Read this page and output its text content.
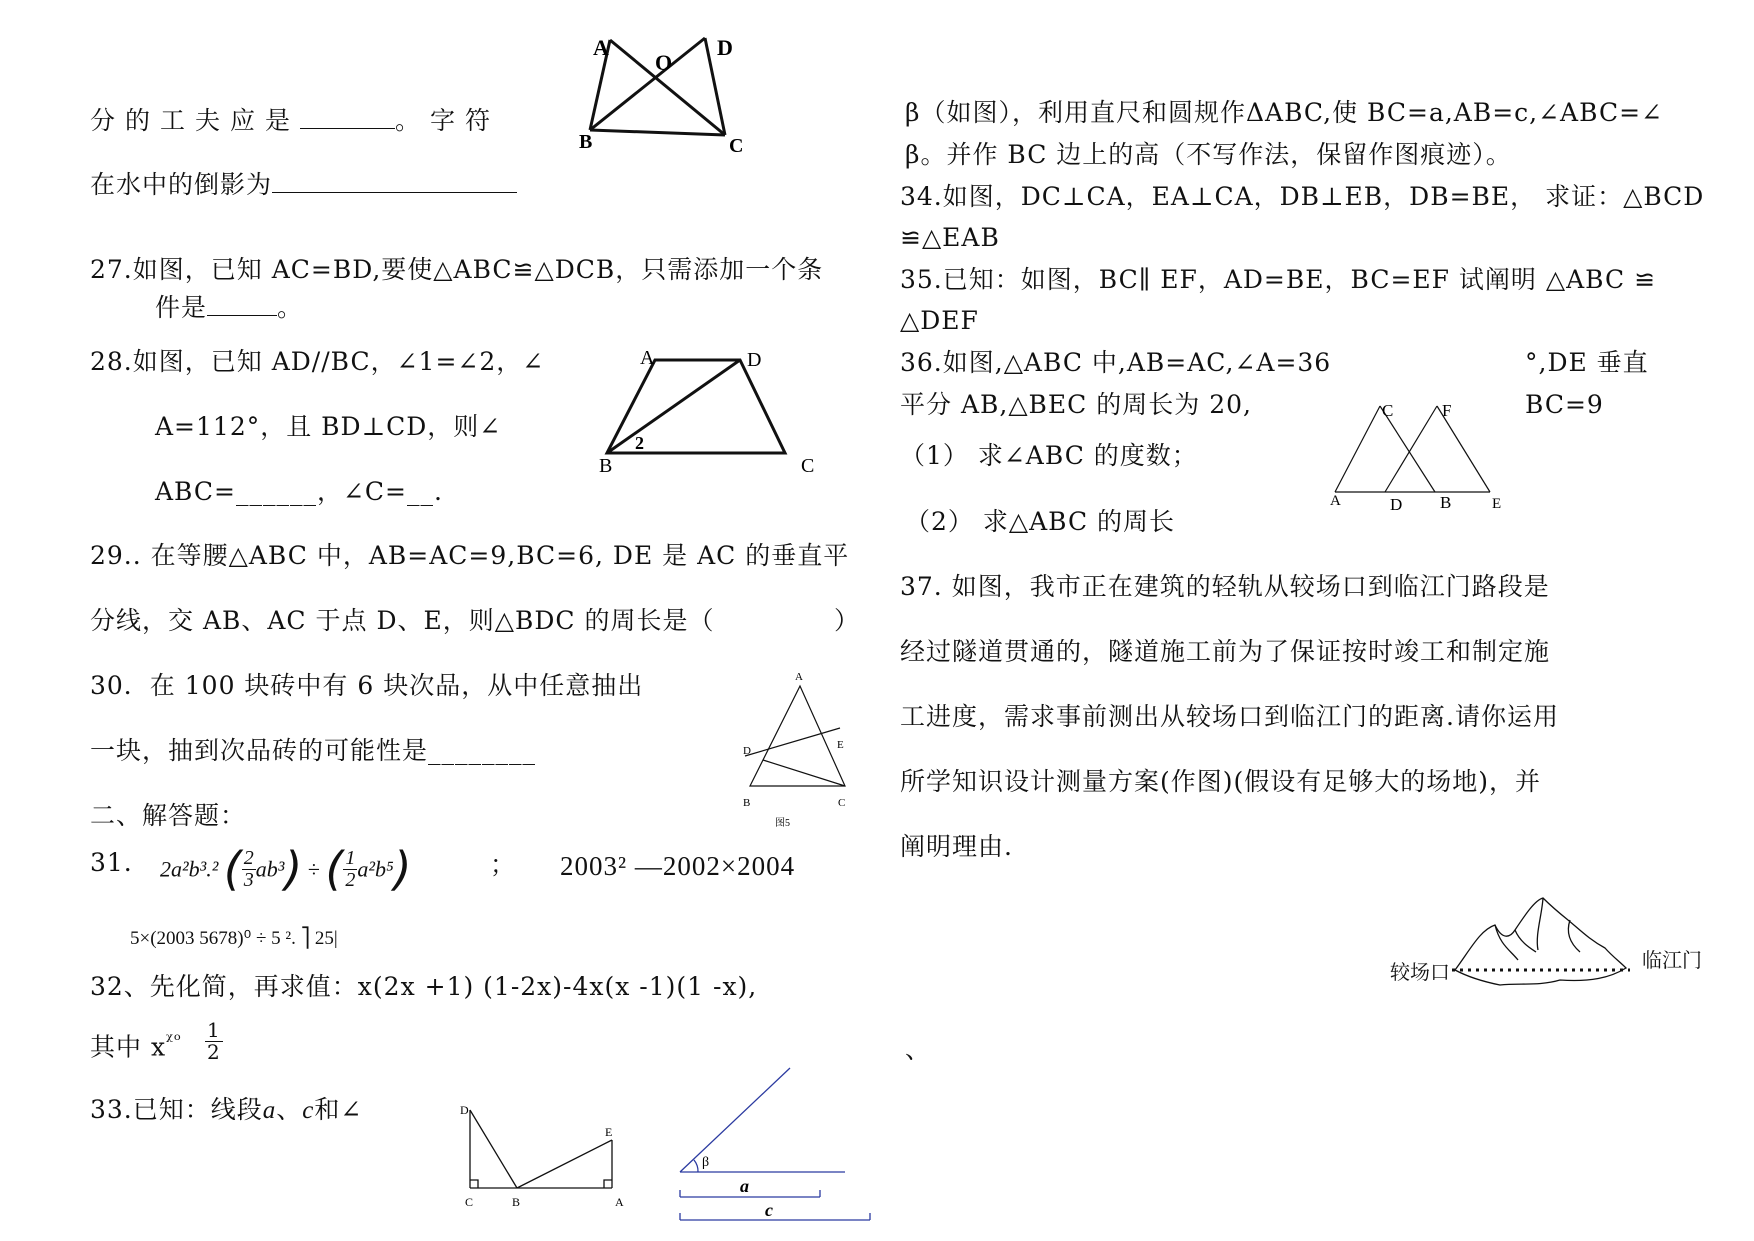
分的工夫应是	。字符
在水中的倒影为
27.如图，已知 AC=BD,要使△ABC≌△DCB，只需添加一个条
件是	。
28.如图，已知 AD//BC，∠1=∠2，∠
A=112°，且 BD⊥CD，则∠
ABC=______，∠C=__.
29.. 在等腰△ABC 中，AB=AC=9,BC=6, DE 是 AC 的垂直平
分线，交 AB、AC 于点 D、E，则△BDC 的周长是（	）
30．在 100 块砖中有 6 块次品，从中任意抽出
一块，抽到次品砖的可能性是________
二、解答题：
31. 2a²b³.² ( $\frac{2}{3} ab^3$) ÷ ( $\frac{1}{2} a^2b^5$)	； 2003² —2002×2004
5×(2003 5678)⁰ ÷ 5 ². ⎤ 25|
32、先化简，再求值：x(2x +1) (1-2x)-4x(x -1)(1 -x),
其中 $x^{ᵡᵒ} \frac{1}{2}$
33.已知：线段a、c和∠
β（如图），利用直尺和圆规作ΔABC,使 BC=a,AB=c,∠ABC=∠
β。并作 BC 边上的高（不写作法，保留作图痕迹）。
34.如图，DC⊥CA，EA⊥CA，DB⊥EB，DB=BE， 求证：△BCD
≌△EAB
35.已知：如图，BC∥ EF，AD=BE，BC=EF 试阐明 △ABC ≌
△DEF
36.如图,△ABC 中,AB=AC,∠A=36	°,DE 垂直
平分 AB,△BEC 的周长为 20,	BC=9
（1） 求∠ABC 的度数；
（2） 求△ABC 的周长
37. 如图，我市正在建筑的轻轨从较场口到临江门路段是
经过隧道贯通的，隧道施工前为了保证按时竣工和制定施
工进度，需求事前测出从较场口到临江门的距离.请你运用
所学知识设计测量方案(作图)(假设有足够大的场地)，并
阐明理由.
较场口	临江门
、
A
O
D
B	C
A	D
B
2
C
A
D	E
B	C
图5
D
E
C	B	A
β
a
c
C	F
A	D B	E
